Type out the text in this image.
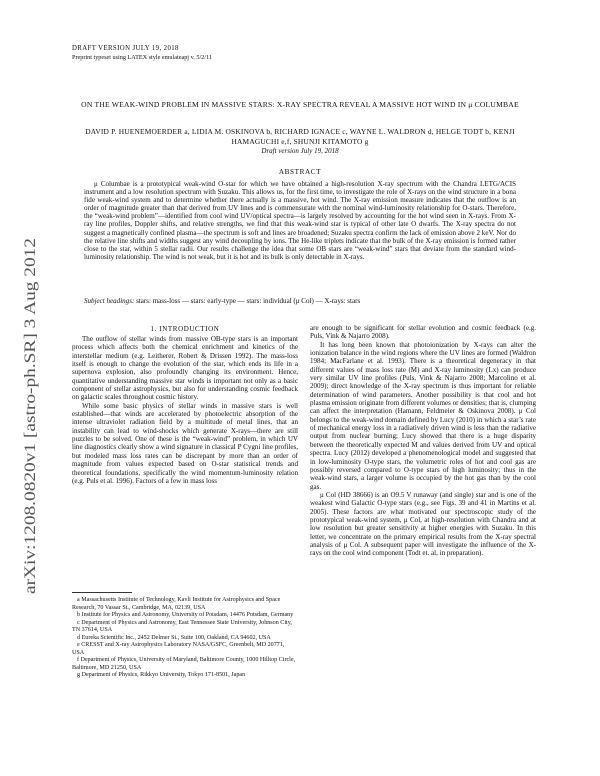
DRAFT VERSION JULY 19, 2018
Preprint typeset using LATEX style emulateapj v. 5/2/11
arXiv:1208.0820v1 [astro-ph.SR] 3 Aug 2012
ON THE WEAK-WIND PROBLEM IN MASSIVE STARS: X-RAY SPECTRA REVEAL A MASSIVE HOT WIND IN μ COLUMBAE
DAVID P. HUENEMOERDER a, LIDIA M. OSKINOVA b, RICHARD IGNACE c, WAYNE L. WALDRON d, HELGE TODT b, KENJI HAMAGUCHI e,f, SHUNJI KITAMOTO g
Draft version July 19, 2018
ABSTRACT
μ Columbae is a prototypical weak-wind O-star for which we have obtained a high-resolution X-ray spectrum with the Chandra LETG/ACIS instrument and a low resolution spectrum with Suzaku. This allows us, for the first time, to investigate the role of X-rays on the wind structure in a bona fide weak-wind system and to determine whether there actually is a massive, hot wind. The X-ray emission measure indicates that the outflow is an order of magnitude greater than that derived from UV lines and is commensurate with the nominal wind-luminosity relationship for O-stars. Therefore, the “weak-wind problem”—identified from cool wind UV/optical spectra—is largely resolved by accounting for the hot wind seen in X-rays. From X-ray line profiles, Doppler shifts, and relative strengths, we find that this weak-wind star is typical of other late O dwarfs. The X-ray spectra do not suggest a magnetically confined plasma—the spectrum is soft and lines are broadened; Suzaku spectra confirm the lack of emission above 2 keV. Nor do the relative line shifts and widths suggest any wind decoupling by ions. The He-like triplets indicate that the bulk of the X-ray emission is formed rather close to the star, within 5 stellar radii. Our results challenge the idea that some OB stars are “weak-wind” stars that deviate from the standard wind-luminosity relationship. The wind is not weak, but it is hot and its bulk is only detectable in X-rays.
Subject headings: stars: mass-loss — stars: early-type — stars: individual (μ Col) — X-rays: stars
1. INTRODUCTION

The outflow of stellar winds from massive OB-type stars is an important process which affects both the chemical enrichment and kinetics of the interstellar medium (e.g. Leitherer, Robert & Drissen 1992). The mass-loss itself is enough to change the evolution of the star, which ends its life in a supernova explosion, also profoundly changing its environment. Hence, quantitative understanding massive star winds is important not only as a basic component of stellar astrophysics, but also for understanding cosmic feedback on galactic scales throughout cosmic history.

While some basic physics of stellar winds in massive stars is well established—that winds are accelerated by photoelectric absorption of the intense ultraviolet radiation field by a multitude of metal lines, that an instability can lead to wind-shocks which generate X-rays—there are still puzzles to be solved. One of these is the “weak-wind” problem, in which UV line diagnostics clearly show a wind signature in classical P Cygni line profiles, but modeled mass loss rates can be discrepant by more than an order of magnitude from values expected based on O-star statistical trends and theoretical foundations, specifically the wind momentum-luminosity relation (e.g. Puls et al. 1996). Factors of a few in mass loss

are enough to be significant for stellar evolution and cosmic feedback (e.g. Puls, Vink & Najarro 2008).

It has long been known that photoionization by X-rays can alter the ionization balance in the wind regions where the UV lines are formed (Waldron 1984; MacFarlane et al. 1993). There is a theoretical degeneracy in that different values of mass loss rate (Ṁ) and X-ray luminosity (Lx) can produce very similar UV line profiles (Puls, Vink & Najarro 2008; Marcolino et al. 2009); direct knowledge of the X-ray spectrum is thus important for reliable determination of wind parameters. Another possibility is that cool and hot plasma emission originate from different volumes or densities; that is, clumping can affect the interpretation (Hamann, Feldmeier & Oskinova 2008). μ Col belongs to the weak-wind domain defined by Lucy (2010) in which a star’s rate of mechanical energy loss in a radiatively driven wind is less than the radiative output from nuclear burning; Lucy showed that there is a huge disparity between the theoretically expected Ṁ and values derived from UV and optical spectra. Lucy (2012) developed a phenomenological model and suggested that in low-luminosity O-type stars, the volumetric roles of hot and cool gas are possibly reversed compared to O-type stars of high luminosity; thus in the weak-wind stars, a larger volume is occupied by the hot gas than by the cool gas.

μ Col (HD 38666) is an O9.5 V runaway (and single) star and is one of the weakest wind Galactic O-type stars (e.g., see Figs. 39 and 41 in Martins et al. 2005). These factors are what motivated our spectroscopic study of the prototypical weak-wind system, μ Col, at high-resolution with Chandra and at low resolution but greater sensitivity at higher energies with Suzaku. In this letter, we concentrate on the primary empirical results from the X-ray spectral analysis of μ Col. A subsequent paper will investigate the influence of the X-rays on the cool wind component (Todt et. al, in preparation).

a Massachusetts Institute of Technology, Kavli Institute for Astrophysics and Space Research, 70 Vassar St., Cambridge, MA, 02139, USA
b Institute for Physics and Astronomy, University of Potsdam, 14476 Potsdam, Germany
c Department of Physics and Astronomy, East Tennessee State University, Johnson City, TN 37614, USA
d Eureka Scientific Inc., 2452 Delmer St., Suite 100, Oakland, CA 94602, USA
e CRESST and X-ray Astrophysics Laboratory NASA/GSFC, Greenbelt, MD 20771, USA
f Department of Physics, University of Maryland, Baltimore County, 1000 Hilltop Circle, Baltimore, MD 21250, USA
g Department of Physics, Rikkyo University, Tokyo 171-8501, Japan
